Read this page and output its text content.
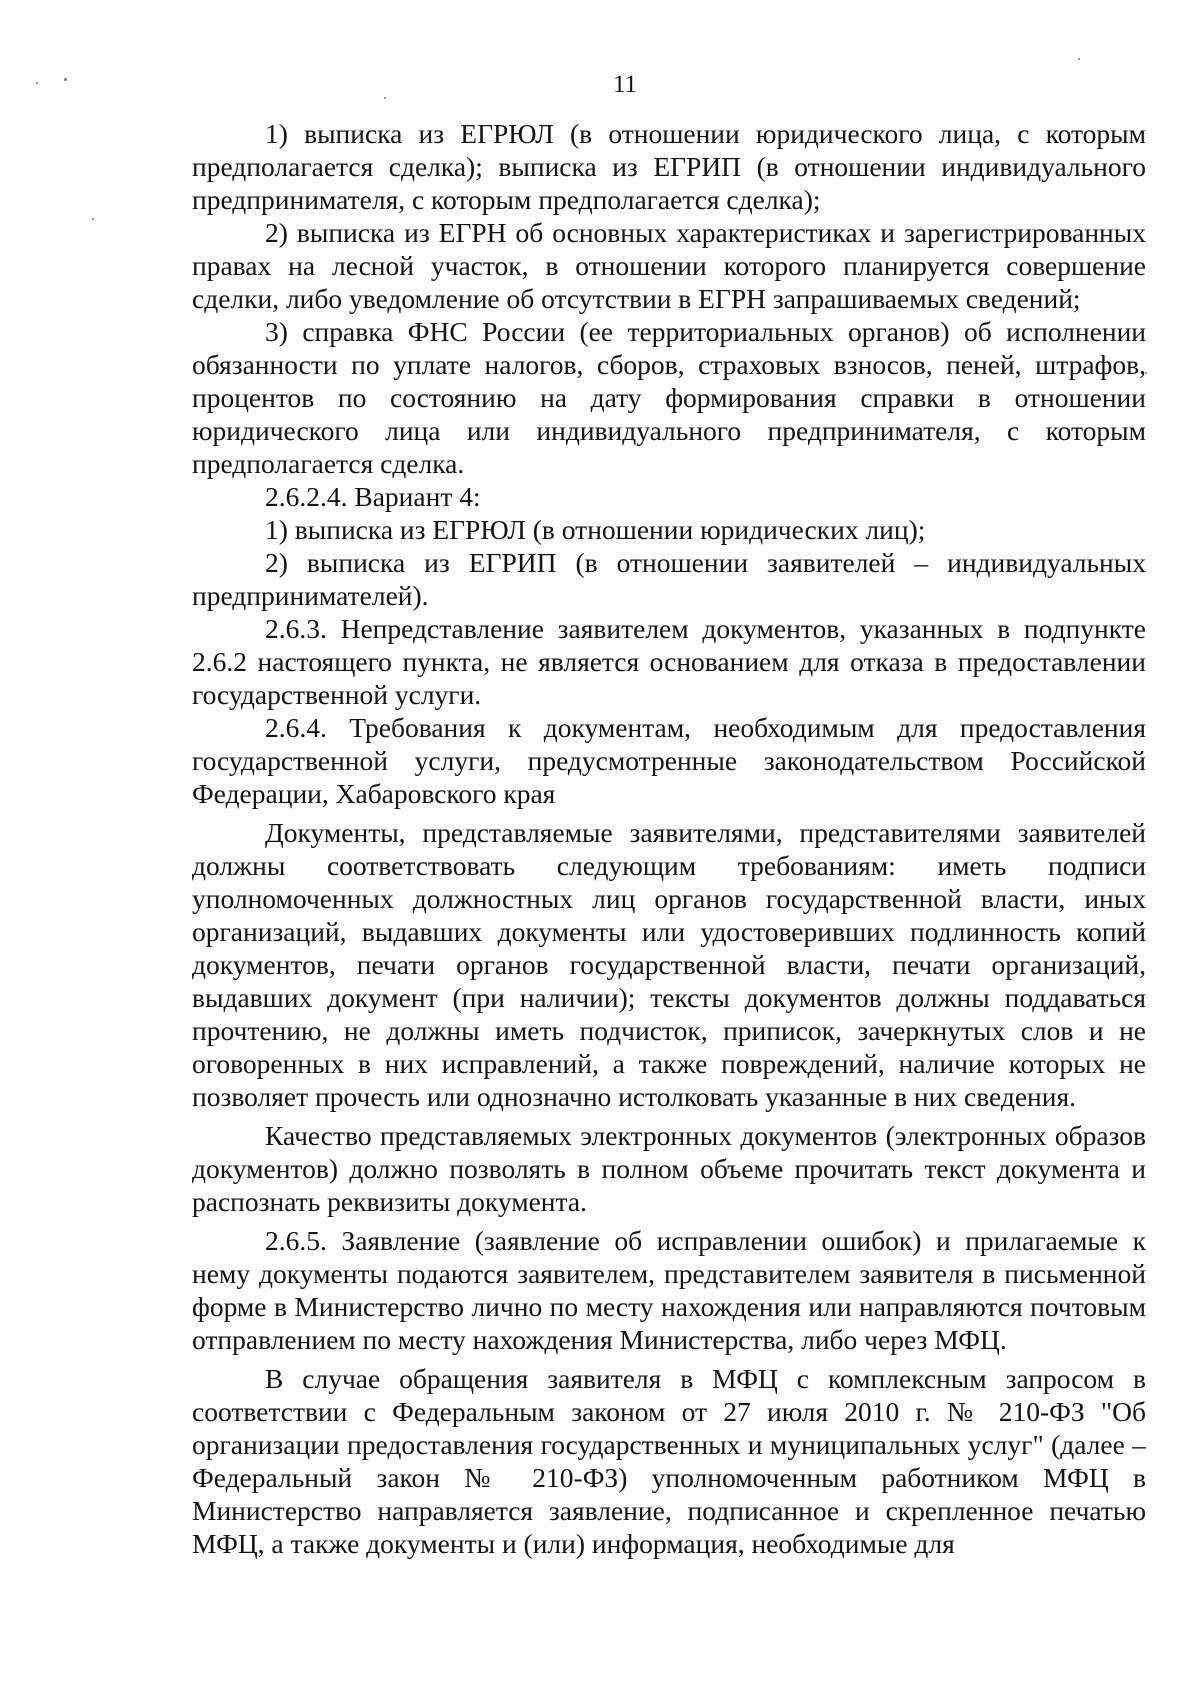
11

1) выписка из ЕГРЮЛ (в отношении юридического лица, с которым предполагается сделка); выписка из ЕГРИП (в отношении индивидуального предпринимателя, с которым предполагается сделка);

2) выписка из ЕГРН об основных характеристиках и зарегистрированных правах на лесной участок, в отношении которого планируется совершение сделки, либо уведомление об отсутствии в ЕГРН запрашиваемых сведений;

3) справка ФНС России (ее территориальных органов) об исполнении обязанности по уплате налогов, сборов, страховых взносов, пеней, штрафов, процентов по состоянию на дату формирования справки в отношении юридического лица или индивидуального предпринимателя, с которым предполагается сделка.

2.6.2.4. Вариант 4:

1) выписка из ЕГРЮЛ (в отношении юридических лиц);

2) выписка из ЕГРИП (в отношении заявителей – индивидуальных предпринимателей).

2.6.3. Непредставление заявителем документов, указанных в подпункте 2.6.2 настоящего пункта, не является основанием для отказа в предоставлении государственной услуги.

2.6.4. Требования к документам, необходимым для предоставления государственной услуги, предусмотренные законодательством Российской Федерации, Хабаровского края

Документы, представляемые заявителями, представителями заявителей должны соответствовать следующим требованиям: иметь подписи уполномоченных должностных лиц органов государственной власти, иных организаций, выдавших документы или удостоверивших подлинность копий документов, печати органов государственной власти, печати организаций, выдавших документ (при наличии); тексты документов должны поддаваться прочтению, не должны иметь подчисток, приписок, зачеркнутых слов и не оговоренных в них исправлений, а также повреждений, наличие которых не позволяет прочесть или однозначно истолковать указанные в них сведения.

Качество представляемых электронных документов (электронных образов документов) должно позволять в полном объеме прочитать текст документа и распознать реквизиты документа.

2.6.5. Заявление (заявление об исправлении ошибок) и прилагаемые к нему документы подаются заявителем, представителем заявителя в письменной форме в Министерство лично по месту нахождения или направляются почтовым отправлением по месту нахождения Министерства, либо через МФЦ.

В случае обращения заявителя в МФЦ с комплексным запросом в соответствии с Федеральным законом от 27 июля 2010 г. № 210-ФЗ "Об организации предоставления государственных и муниципальных услуг" (далее – Федеральный закон № 210-ФЗ) уполномоченным работником МФЦ в Министерство направляется заявление, подписанное и скрепленное печатью МФЦ, а также документы и (или) информация, необходимые для
